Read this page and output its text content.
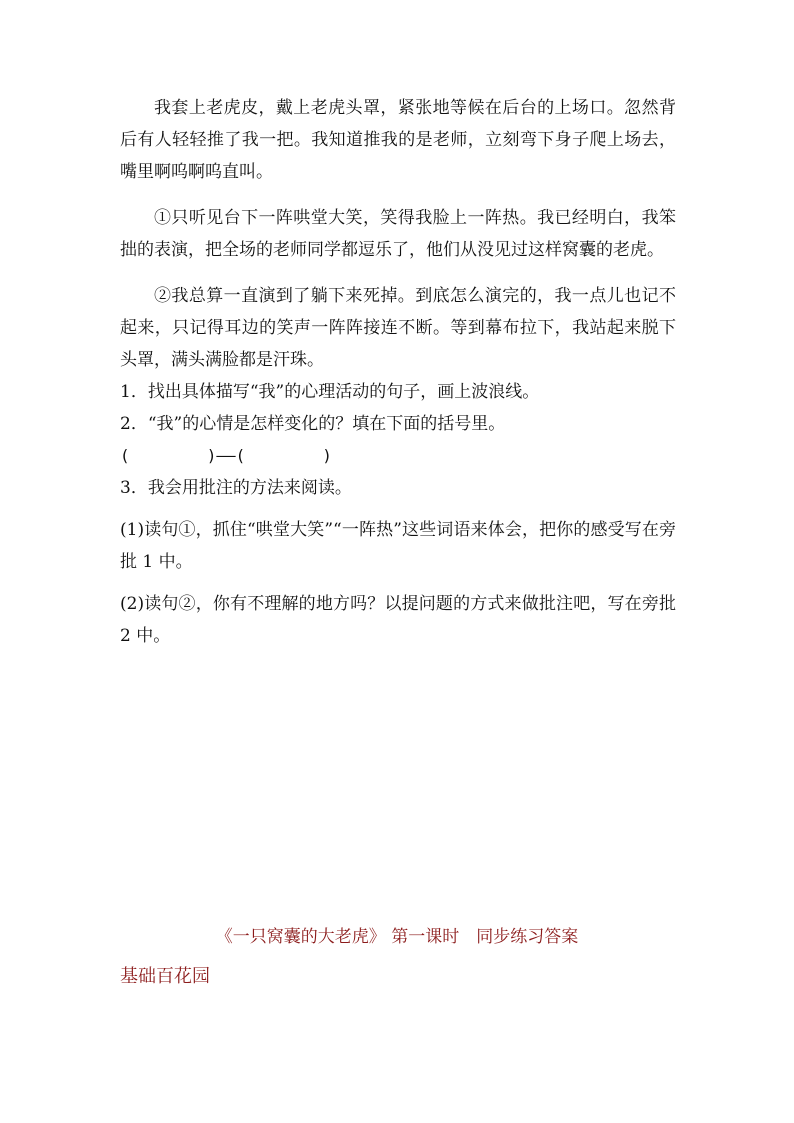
我套上老虎皮，戴上老虎头罩，紧张地等候在后台的上场口。忽然背后有人轻轻推了我一把。我知道推我的是老师，立刻弯下身子爬上场去，嘴里啊呜啊呜直叫。

①只听见台下一阵哄堂大笑，笑得我脸上一阵热。我已经明白，我笨拙的表演，把全场的老师同学都逗乐了，他们从没见过这样窝囊的老虎。

②我总算一直演到了躺下来死掉。到底怎么演完的，我一点儿也记不起来，只记得耳边的笑声一阵阵接连不断。等到幕布拉下，我站起来脱下头罩，满头满脸都是汗珠。

1．找出具体描写“我”的心理活动的句子，画上波浪线。

2．“我”的心情是怎样变化的？填在下面的括号里。

(        )——(        )

3．我会用批注的方法来阅读。

(1)读句①，抓住“哄堂大笑”“一阵热”这些词语来体会，把你的感受写在旁批 1 中。

(2)读句②，你有不理解的地方吗？以提问题的方式来做批注吧，写在旁批 2 中。

《一只窝囊的大老虎》 第一课时　同步练习答案

基础百花园
